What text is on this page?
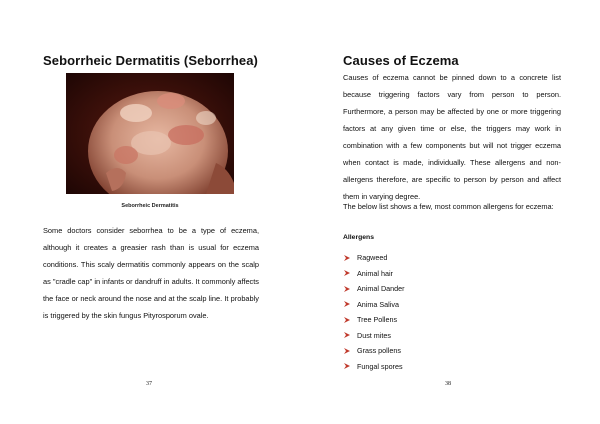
Seborrheic Dermatitis (Seborrhea)
Seborrheic Dermatitis

Some doctors consider seborrhea to be a type of eczema, although it creates a greasier rash than is usual for eczema conditions. This scaly dermatitis commonly appears on the scalp as "cradle cap" in infants or dandruff in adults. It commonly affects the face or neck around the nose and at the scalp line. It probably is triggered by the skin fungus Pityrosporum ovale.

37
Causes of Eczema

Causes of eczema cannot be pinned down to a concrete list because triggering factors vary from person to person. Furthermore, a person may be affected by one or more triggering factors at any given time or else, the triggers may work in combination with a few components but will not trigger eczema when contact is made, individually. These allergens and non-allergens therefore, are specific to person by person and affect them in varying degree.

The below list shows a few, most common allergens for eczema:

Allergens
Ragweed
Animal hair
Animal Dander
Anima Saliva
Tree Pollens
Dust mites
Grass pollens
Fungal spores
38
